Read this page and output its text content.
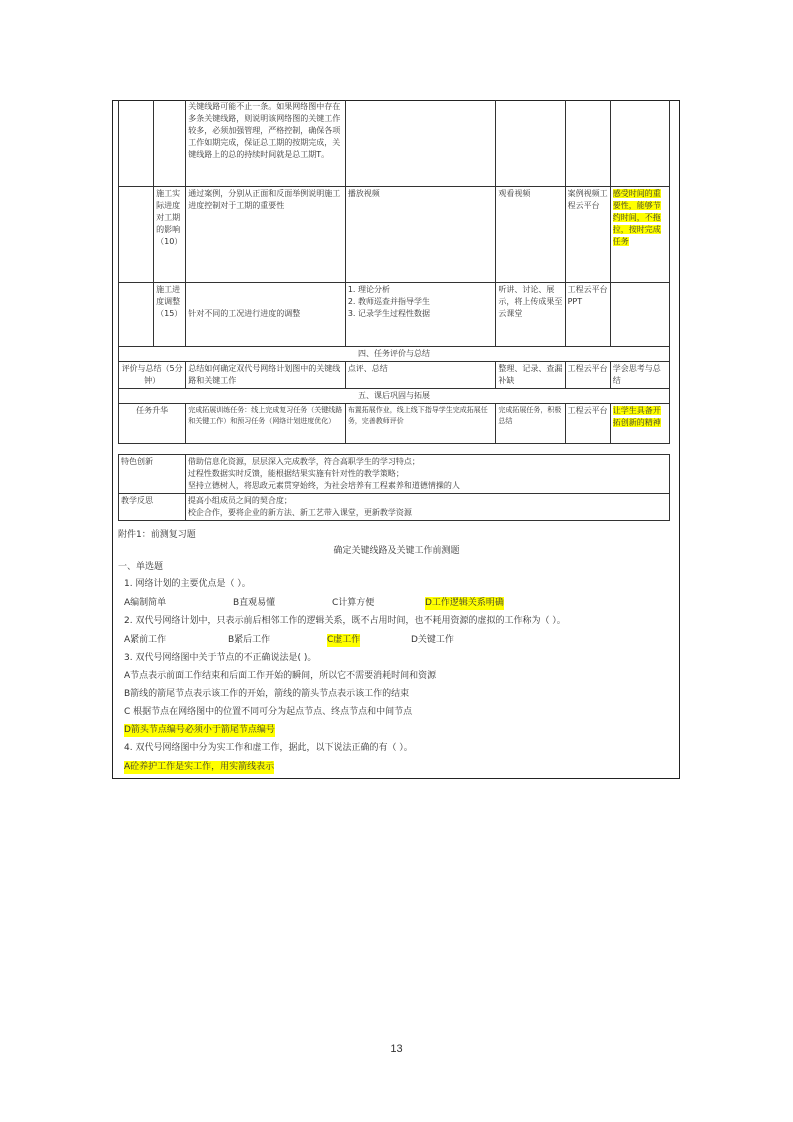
		关键线路可能不止一条。如果网络图中存在多条关键线路，则说明该网络图的关键工作较多，必须加强管理，严格控制，确保各项工作如期完成，保证总工期的按期完成，关键线路上的总的持续时间就是总工期T。				
	施工实际进度对工期的影响（10）	通过案例，分别从正面和反面举例说明施工进度控制对于工期的重要性	播放视频	观看视频	案例视频工程云平台	感受时间的重要性，能够节约时间，不拖拉，按时完成任务
	施工进度调整（15）	针对不同的工况进行进度的调整	1. 理论分析
2. 教师巡查并指导学生
3. 记录学生过程性数据	听讲、讨论、展示，将上传成果至云课堂	工程云平台PPT	
四、任务评价与总结						
评价与总结（5分钟）		总结如何确定双代号网络计划图中的关键线路和关键工作	点评、总结	整理、记录、查漏补缺	工程云平台	学会思考与总结
五、课后巩固与拓展						
任务升华		完成拓展训练任务：线上完成复习任务（关键线路和关键工作）和预习任务（网络计划进度优化）	布置拓展作业，线上线下指导学生完成拓展任务，完善教师评价	完成拓展任务，积极总结	工程云平台	让学生具备开拓创新的精神
特色创新	借助信息化资源，层层深入完成教学，符合高职学生的学习特点；
过程性数据实时反馈，能根据结果实施有针对性的教学策略；
坚持立德树人，将思政元素贯穿始终，为社会培养有工程素养和道德情操的人

教学反思	提高小组成员之间的契合度；
校企合作，要将企业的新方法、新工艺带入课堂，更新教学资源
附件1：前测复习题
确定关键线路及关键工作前测题
一、单选题
1. 网络计划的主要优点是（ ）。
A编制简单	B直观易懂	C计算方便	D工作逻辑关系明确
2. 双代号网络计划中，只表示前后相邻工作的逻辑关系，既不占用时间，也不耗用资源的虚拟的工作称为（ ）。
A紧前工作	B紧后工作	C虚工作	D关键工作
3. 双代号网络图中关于节点的不正确说法是( )。
A节点表示前面工作结束和后面工作开始的瞬间，所以它不需要消耗时间和资源
B箭线的箭尾节点表示该工作的开始，箭线的箭头节点表示该工作的结束
C 根据节点在网络图中的位置不同可分为起点节点、终点节点和中间节点
D箭头节点编号必须小于箭尾节点编号
4. 双代号网络图中分为实工作和虚工作，据此，以下说法正确的有（ ）。
A砼养护工作是实工作，用实箭线表示
13
